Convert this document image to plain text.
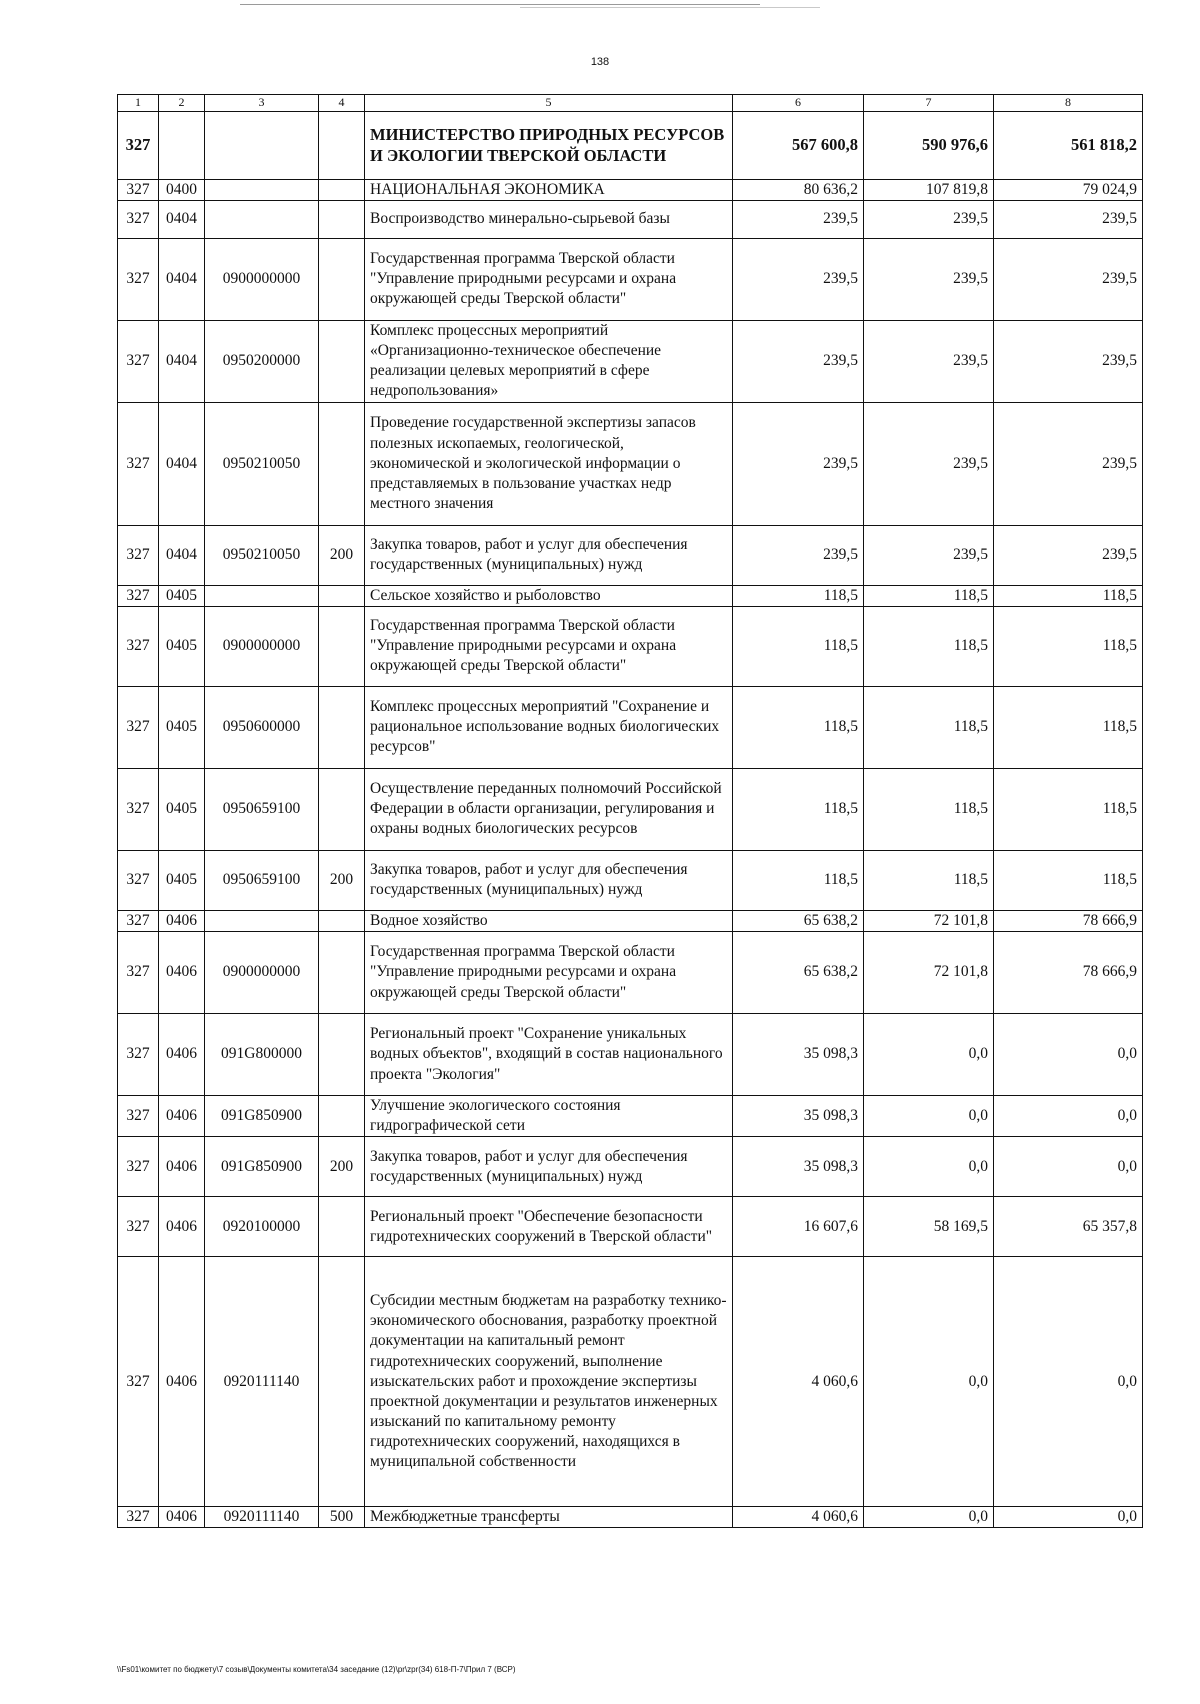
138
1	2	3	4	5	6	7	8
327				МИНИСТЕРСТВО ПРИРОДНЫХ РЕСУРСОВ И ЭКОЛОГИИ ТВЕРСКОЙ ОБЛАСТИ	567 600,8	590 976,6	561 818,2
327	0400			НАЦИОНАЛЬНАЯ ЭКОНОМИКА	80 636,2	107 819,8	79 024,9
327	0404			Воспроизводство минерально-сырьевой базы	239,5	239,5	239,5
327	0404	0900000000		Государственная программа Тверской области "Управление природными ресурсами и охрана окружающей среды Тверской области"	239,5	239,5	239,5
327	0404	0950200000		Комплекс процессных мероприятий «Организационно-техническое обеспечение реализации целевых мероприятий в сфере недропользования»	239,5	239,5	239,5
327	0404	0950210050		Проведение государственной экспертизы запасов полезных ископаемых, геологической, экономической и экологической информации о представляемых в пользование участках недр местного значения	239,5	239,5	239,5
327	0404	0950210050	200	Закупка товаров, работ и услуг для обеспечения государственных (муниципальных) нужд	239,5	239,5	239,5
327	0405			Сельское хозяйство и рыболовство	118,5	118,5	118,5
327	0405	0900000000		Государственная программа Тверской области "Управление природными ресурсами и охрана окружающей среды Тверской области"	118,5	118,5	118,5
327	0405	0950600000		Комплекс процессных мероприятий "Сохранение и рациональное использование водных биологических ресурсов"	118,5	118,5	118,5
327	0405	0950659100		Осуществление переданных полномочий Российской Федерации в области организации, регулирования и охраны водных биологических ресурсов	118,5	118,5	118,5
327	0405	0950659100	200	Закупка товаров, работ и услуг для обеспечения государственных (муниципальных) нужд	118,5	118,5	118,5
327	0406			Водное хозяйство	65 638,2	72 101,8	78 666,9
327	0406	0900000000		Государственная программа Тверской области "Управление природными ресурсами и охрана окружающей среды Тверской области"	65 638,2	72 101,8	78 666,9
327	0406	091G800000		Региональный проект "Сохранение уникальных водных объектов", входящий в состав национального проекта "Экология"	35 098,3	0,0	0,0
327	0406	091G850900		Улучшение экологического состояния гидрографической сети	35 098,3	0,0	0,0
327	0406	091G850900	200	Закупка товаров, работ и услуг для обеспечения государственных (муниципальных) нужд	35 098,3	0,0	0,0
327	0406	0920100000		Региональный проект "Обеспечение безопасности гидротехнических сооружений в Тверской области"	16 607,6	58 169,5	65 357,8
327	0406	0920111140		Субсидии местным бюджетам на разработку технико-экономического обоснования, разработку проектной документации на капитальный ремонт гидротехнических сооружений, выполнение изыскательских работ и прохождение экспертизы проектной документации и результатов инженерных изысканий по капитальному ремонту гидротехнических сооружений, находящихся в муниципальной собственности	4 060,6	0,0	0,0
327	0406	0920111140	500	Межбюджетные трансферты	4 060,6	0,0	0,0
\\Fs01\комитет по бюджету\7 созыв\Документы комитета\34 заседание (12)\pr\zpr(34) 618-П-7\Прил 7 (ВСР)
